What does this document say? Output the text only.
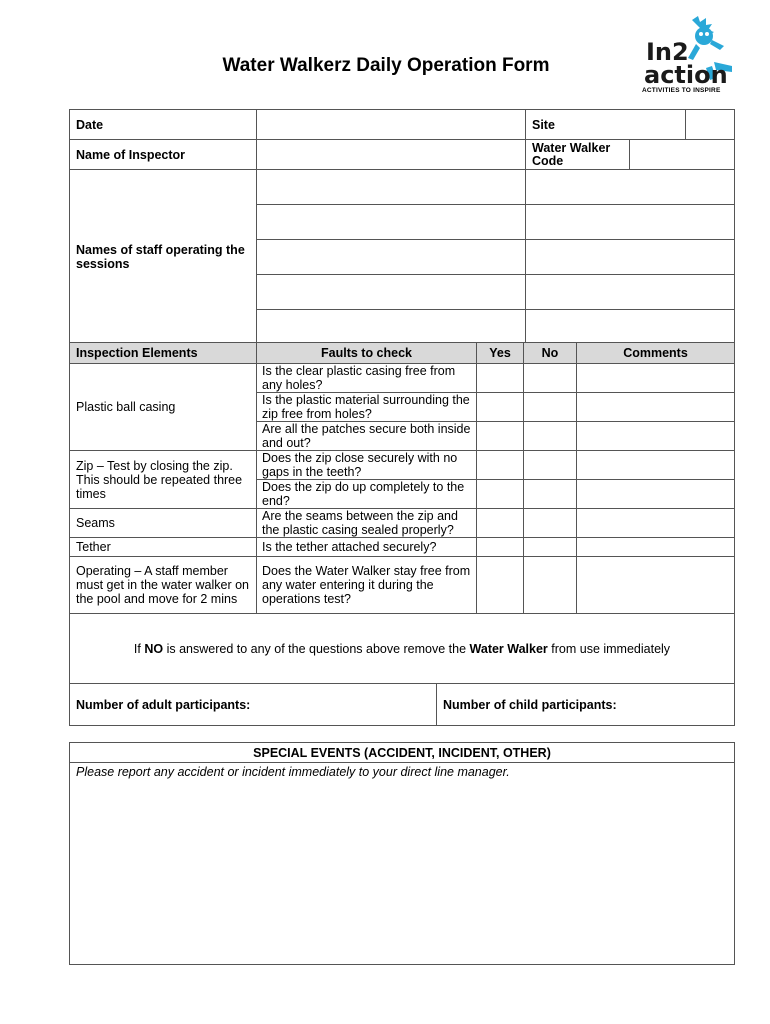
Water Walkerz Daily Operation Form	In2
action
ACTIVITIES TO INSPIRE
Date		Site

Name of Inspector		Water Walker Code

Names of staff operating the sessions		

Inspection Elements	Faults to check	Yes	No	Comments
Plastic ball casing	Is the clear plastic casing free from any holes?			
	Is the plastic material surrounding the zip free from holes?			
	Are all the patches secure both inside and out?			
Zip – Test by closing the zip. This should be repeated three times	Does the zip close securely with no gaps in the teeth?			
	Does the zip do up completely to the end?			
Seams	Are the seams between the zip and the plastic casing sealed properly?			
Tether	Is the tether attached securely?			
Operating – A staff member must get in the water walker on the pool and move for 2 mins	Does the Water Walker stay free from any water entering it during the operations test?			
If NO is answered to any of the questions above remove the Water Walker from use immediately				
Number of adult participants:	Number of child participants:
SPECIAL EVENTS (ACCIDENT, INCIDENT, OTHER)
Please report any accident or incident immediately to your direct line manager.
